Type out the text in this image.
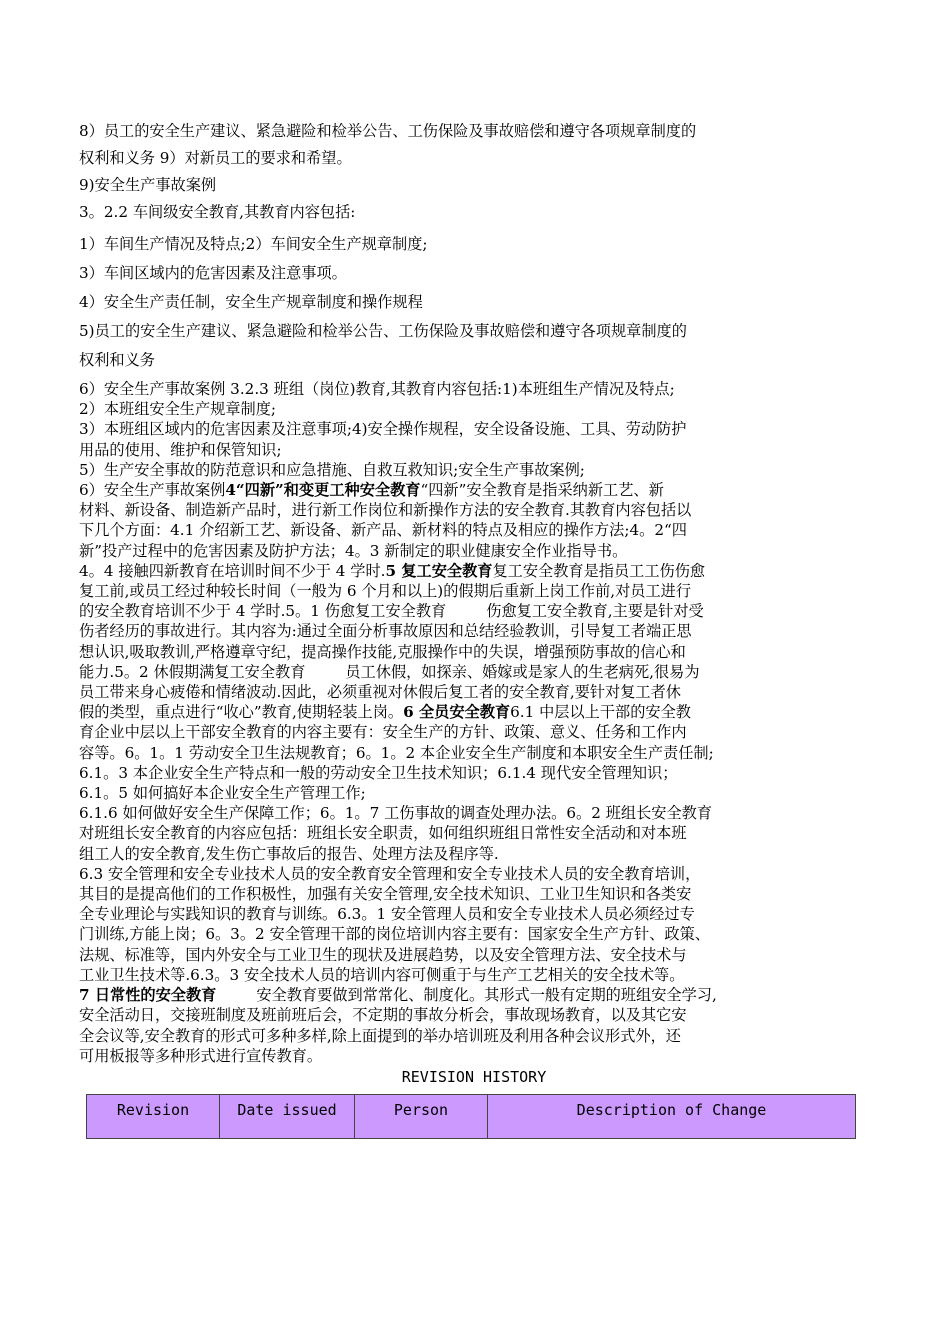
8）员工的安全生产建议、紧急避险和检举公告、工伤保险及事故赔偿和遵守各项规章制度的

权利和义务 9）对新员工的要求和希望。

9)安全生产事故案例

3。2.2 车间级安全教育,其教育内容包括:

1）车间生产情况及特点;2）车间安全生产规章制度;

3）车间区域内的危害因素及注意事项。

4）安全生产责任制，安全生产规章制度和操作规程

5)员工的安全生产建议、紧急避险和检举公告、工伤保险及事故赔偿和遵守各项规章制度的

权利和义务

6）安全生产事故案例 3.2.3 班组（岗位)教育,其教育内容包括:1)本班组生产情况及特点;

2）本班组安全生产规章制度;

3）本班组区域内的危害因素及注意事项;4)安全操作规程，安全设备设施、工具、劳动防护

用品的使用、维护和保管知识;

5）生产安全事故的防范意识和应急措施、自救互救知识;安全生产事故案例;

6）安全生产事故案例4“四新”和变更工种安全教育“四新”安全教育是指采纳新工艺、新

材料、新设备、制造新产品时，进行新工作岗位和新操作方法的安全教育.其教育内容包括以

下几个方面：4.1 介绍新工艺、新设备、新产品、新材料的特点及相应的操作方法;4。2“四

新”投产过程中的危害因素及防护方法；4。3 新制定的职业健康安全作业指导书。

4。4 接触四新教育在培训时间不少于 4 学时.5 复工安全教育复工安全教育是指员工工伤伤愈

复工前,或员工经过种较长时间（一般为 6 个月和以上)的假期后重新上岗工作前,对员工进行

的安全教育培训不少于 4 学时.5。1 伤愈复工安全教育	伤愈复工安全教育,主要是针对受

伤者经历的事故进行。其内容为:通过全面分析事故原因和总结经验教训，引导复工者端正思

想认识,吸取教训,严格遵章守纪，提高操作技能,克服操作中的失误，增强预防事故的信心和

能力.5。2 休假期满复工安全教育	员工休假，如探亲、婚嫁或是家人的生老病死,很易为

员工带来身心疲倦和情绪波动.因此，必须重视对休假后复工者的安全教育,要针对复工者休

假的类型，重点进行“收心”教育,使期轻装上岗。6 全员安全教育6.1 中层以上干部的安全教

育企业中层以上干部安全教育的内容主要有：安全生产的方针、政策、意义、任务和工作内

容等。6。1。1 劳动安全卫生法规教育；6。1。2 本企业安全生产制度和本职安全生产责任制;

6.1。3 本企业安全生产特点和一般的劳动安全卫生技术知识；6.1.4 现代安全管理知识；

6.1。5 如何搞好本企业安全生产管理工作;

6.1.6 如何做好安全生产保障工作；6。1。7 工伤事故的调查处理办法。6。2 班组长安全教育

对班组长安全教育的内容应包括：班组长安全职责，如何组织班组日常性安全活动和对本班

组工人的安全教育,发生伤亡事故后的报告、处理方法及程序等.

6.3 安全管理和安全专业技术人员的安全教育安全管理和安全专业技术人员的安全教育培训，

其目的是提高他们的工作积极性，加强有关安全管理,安全技术知识、工业卫生知识和各类安

全专业理论与实践知识的教育与训练。6.3。1 安全管理人员和安全专业技术人员必须经过专

门训练,方能上岗；6。3。2 安全管理干部的岗位培训内容主要有：国家安全生产方针、政策、

法规、标准等，国内外安全与工业卫生的现状及进展趋势，以及安全管理方法、安全技术与

工业卫生技术等.6.3。3 安全技术人员的培训内容可侧重于与生产工艺相关的安全技术等。

7 日常性的安全教育	安全教育要做到常常化、制度化。其形式一般有定期的班组安全学习,

安全活动日，交接班制度及班前班后会，不定期的事故分析会，事故现场教育，以及其它安

全会议等,安全教育的形式可多种多样,除上面提到的举办培训班及利用各种会议形式外，还

可用板报等多种形式进行宣传教育。

REVISION HISTORY
Revision	Date issued	Person	Description of Change
